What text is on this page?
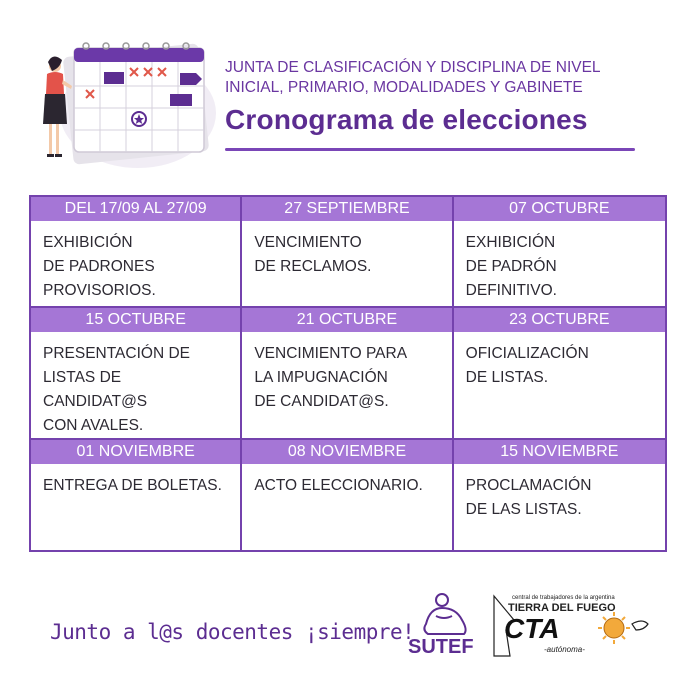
JUNTA DE CLASIFICACIÓN Y DISCIPLINA DE NIVEL
INICIAL, PRIMARIO, MODALIDADES Y GABINETE
Cronograma de elecciones
DEL 17/09 AL 27/09
EXHIBICIÓN
DE PADRONES
PROVISORIOS.
27 SEPTIEMBRE
VENCIMIENTO
DE RECLAMOS.
07 OCTUBRE
EXHIBICIÓN
DE PADRÓN
DEFINITIVO.
15 OCTUBRE
PRESENTACIÓN DE
LISTAS DE CANDIDAT@S
CON AVALES.
21 OCTUBRE
VENCIMIENTO PARA
LA IMPUGNACIÓN
DE CANDIDAT@S.
23 OCTUBRE
OFICIALIZACIÓN
DE LISTAS.
01 NOVIEMBRE
ENTREGA DE BOLETAS.
08 NOVIEMBRE
ACTO ELECCIONARIO.
15 NOVIEMBRE
PROCLAMACIÓN
DE LAS LISTAS.
Junto a l@s docentes ¡siempre!
SUTEF
central de trabajadores de la argentina
TIERRA DEL FUEGO
CTA
-autónoma-
